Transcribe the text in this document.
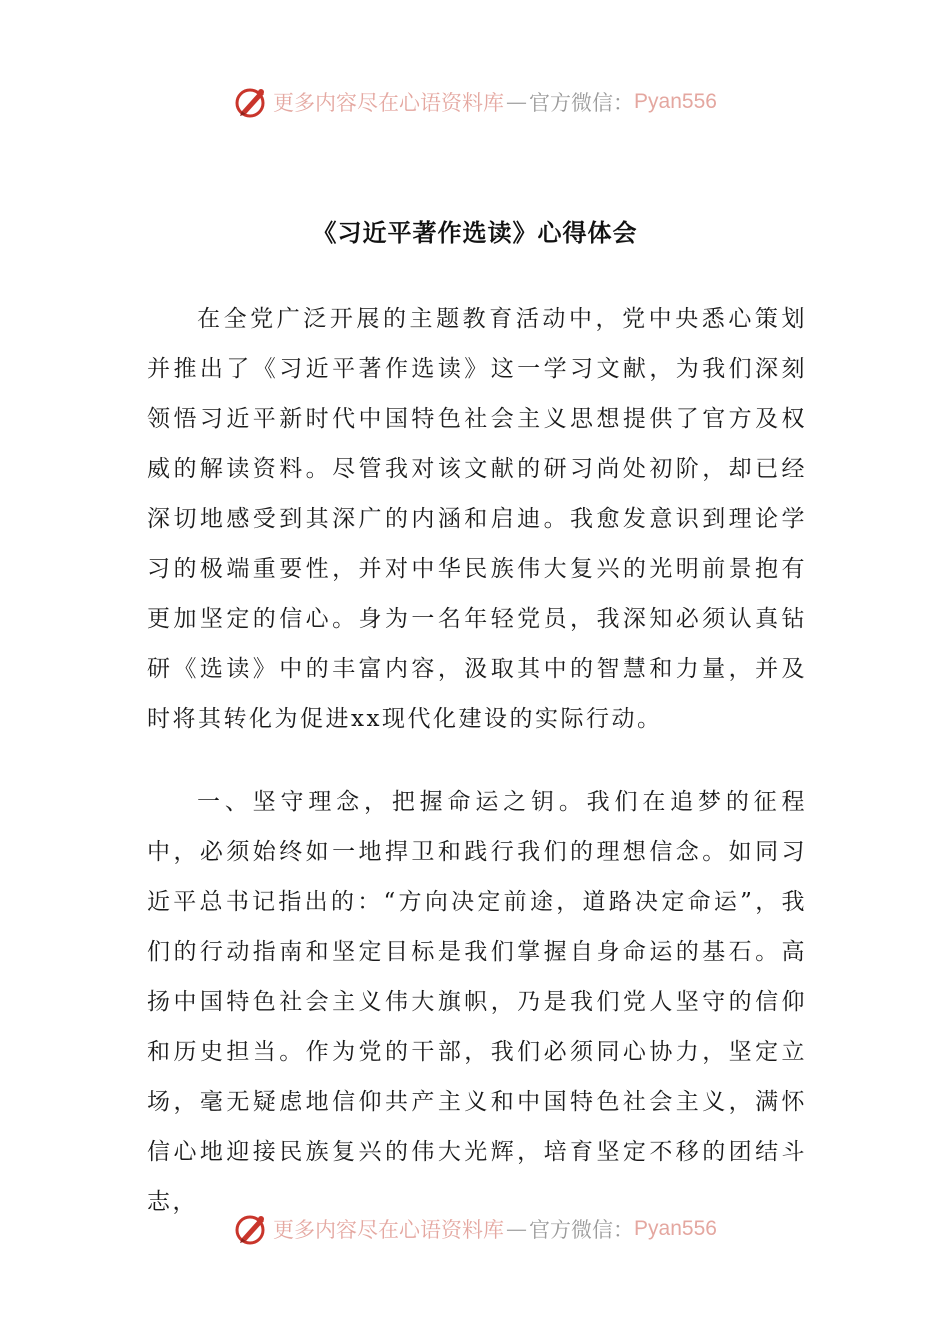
更多内容尽在心语资料库 — 官方微信： Pyan556
《习近平著作选读》心得体会

在全党广泛开展的主题教育活动中，党中央悉心策划并推出了《习近平著作选读》这一学习文献，为我们深刻领悟习近平新时代中国特色社会主义思想提供了官方及权威的解读资料。尽管我对该文献的研习尚处初阶，却已经深切地感受到其深广的内涵和启迪。我愈发意识到理论学习的极端重要性，并对中华民族伟大复兴的光明前景抱有更加坚定的信心。身为一名年轻党员，我深知必须认真钻研《选读》中的丰富内容，汲取其中的智慧和力量，并及时将其转化为促进xx现代化建设的实际行动。

一、坚守理念，把握命运之钥。我们在追梦的征程中，必须始终如一地捍卫和践行我们的理想信念。如同习近平总书记指出的：“方向决定前途，道路决定命运”，我们的行动指南和坚定目标是我们掌握自身命运的基石。高扬中国特色社会主义伟大旗帜，乃是我们党人坚守的信仰和历史担当。作为党的干部，我们必须同心协力，坚定立场，毫无疑虑地信仰共产主义和中国特色社会主义，满怀信心地迎接民族复兴的伟大光辉，培育坚定不移的团结斗志，

更多内容尽在心语资料库 — 官方微信： Pyan556
